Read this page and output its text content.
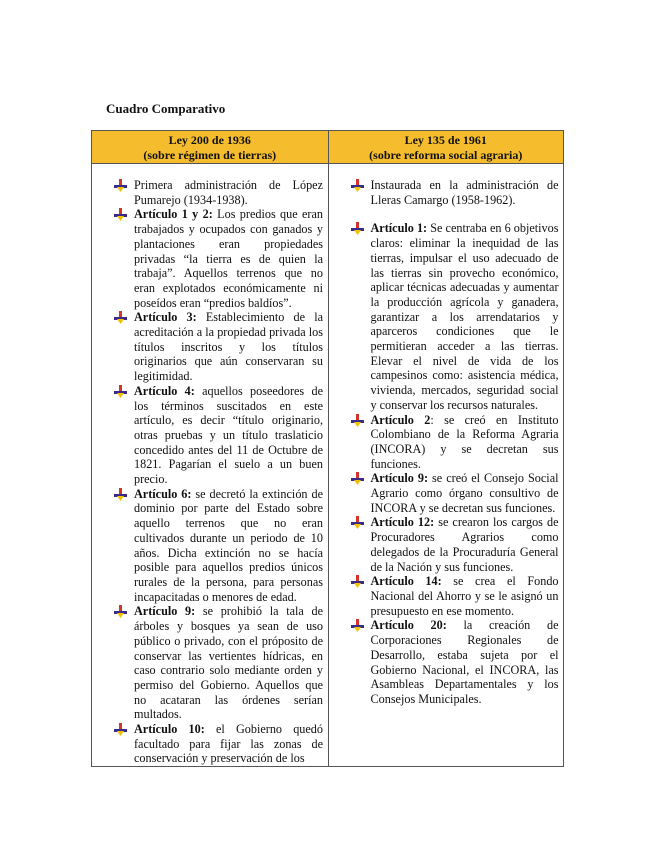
Cuadro Comparativo
Ley 200 de 1936
(sobre régimen de tierras)
Primera administración de López Pumarejo (1934-1938).
Artículo 1 y 2: Los predios que eran trabajados y ocupados con ganados y plantaciones eran propiedades privadas “la tierra es de quien la trabaja”. Aquellos terrenos que no eran explotados económicamente ni poseídos eran “predios baldíos”.
Artículo 3: Establecimiento de la acreditación a la propiedad privada los títulos inscritos y los títulos originarios que aún conservaran su legitimidad.
Artículo 4: aquellos poseedores de los términos suscitados en este artículo, es decir “título originario, otras pruebas y un título traslaticio concedido antes del 11 de Octubre de 1821. Pagarían el suelo a un buen precio.
Artículo 6: se decretó la extinción de dominio por parte del Estado sobre aquello terrenos que no eran cultivados durante un periodo de 10 años. Dicha extinción no se hacía posible para aquellos predios únicos rurales de la persona, para personas incapacitadas o menores de edad.
Artículo 9: se prohibió la tala de árboles y bosques ya sean de uso público o privado, con el próposito de conservar las vertientes hídricas, en caso contrario solo mediante orden y permiso del Gobierno. Aquellos que no acataran las órdenes serían multados.
Artículo 10: el Gobierno quedó facultado para fijar las zonas de conservación y preservación de los
Ley 135 de 1961
(sobre reforma social agraria)
Instaurada en la administración de Lleras Camargo (1958-1962).
Artículo 1: Se centraba en 6 objetivos claros: eliminar la inequidad de las tierras, impulsar el uso adecuado de las tierras sin provecho económico, aplicar técnicas adecuadas y aumentar la producción agrícola y ganadera, garantizar a los arrendatarios y aparceros condiciones que le permitieran acceder a las tierras. Elevar el nivel de vida de los campesinos como: asistencia médica, vivienda, mercados, seguridad social y conservar los recursos naturales.
Artículo 2: se creó en Instituto Colombiano de la Reforma Agraria (INCORA) y se decretan sus funciones.
Artículo 9: se creó el Consejo Social Agrario como órgano consultivo de INCORA y se decretan sus funciones.
Artículo 12: se crearon los cargos de Procuradores Agrarios como delegados de la Procuraduría General de la Nación y sus funciones.
Artículo 14: se crea el Fondo Nacional del Ahorro y se le asignó un presupuesto en ese momento.
Artículo 20: la creación de Corporaciones Regionales de Desarrollo, estaba sujeta por el Gobierno Nacional, el INCORA, las Asambleas Departamentales y los Consejos Municipales.
